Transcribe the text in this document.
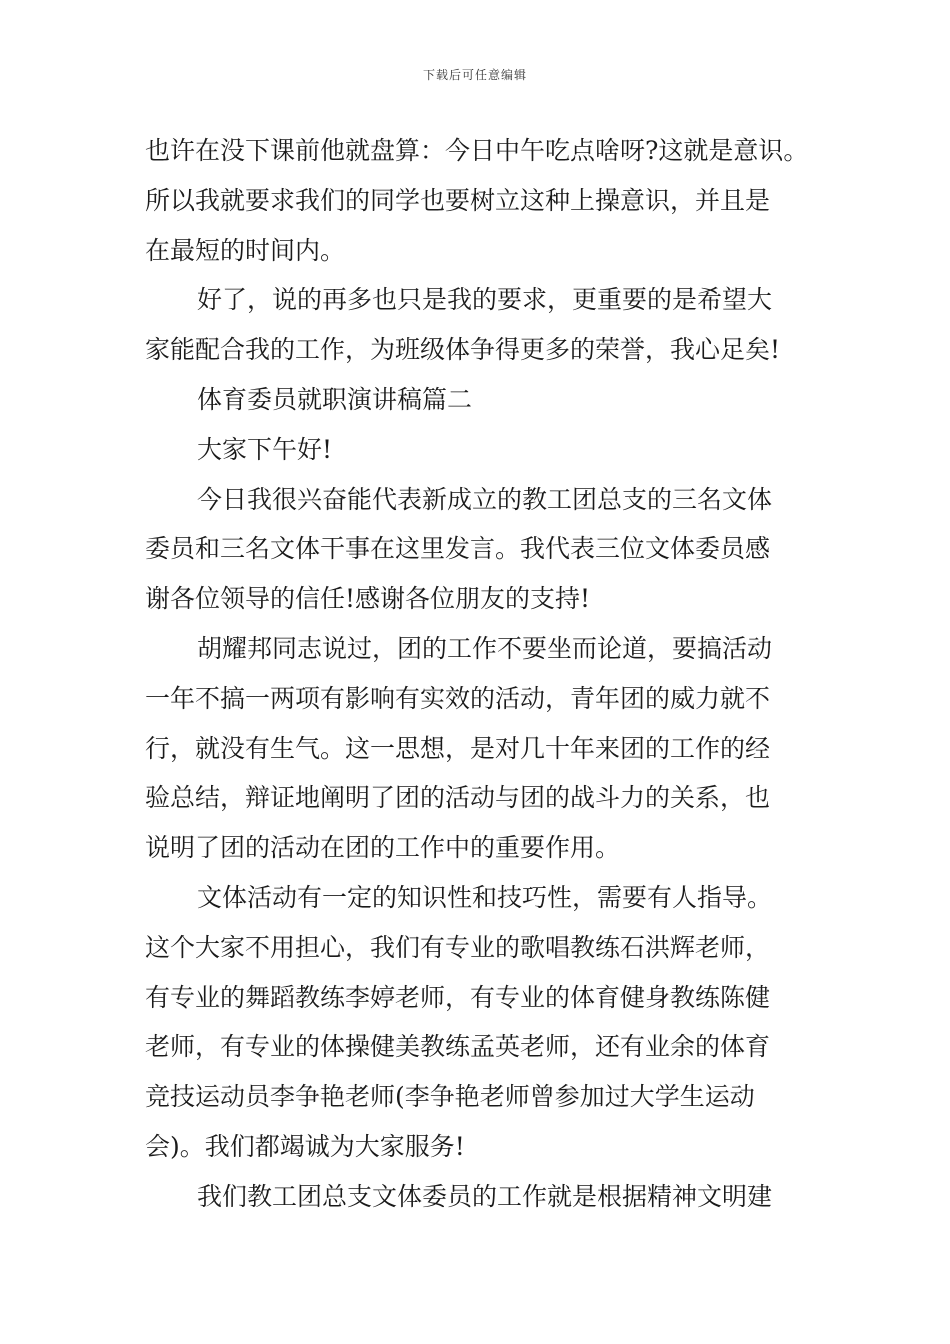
下载后可任意编辑
也许在没下课前他就盘算：今日中午吃点啥呀?这就是意识。
所以我就要求我们的同学也要树立这种上操意识，并且是
在最短的时间内。
好了，说的再多也只是我的要求，更重要的是希望大
家能配合我的工作，为班级体争得更多的荣誉，我心足矣!
体育委员就职演讲稿篇二
大家下午好!
今日我很兴奋能代表新成立的教工团总支的三名文体
委员和三名文体干事在这里发言。我代表三位文体委员感
谢各位领导的信任!感谢各位朋友的支持!
胡耀邦同志说过，团的工作不要坐而论道，要搞活动
一年不搞一两项有影响有实效的活动，青年团的威力就不
行，就没有生气。这一思想，是对几十年来团的工作的经
验总结，辩证地阐明了团的活动与团的战斗力的关系，也
说明了团的活动在团的工作中的重要作用。
文体活动有一定的知识性和技巧性，需要有人指导。
这个大家不用担心，我们有专业的歌唱教练石洪辉老师，
有专业的舞蹈教练李婷老师，有专业的体育健身教练陈健
老师，有专业的体操健美教练孟英老师，还有业余的体育
竞技运动员李争艳老师(李争艳老师曾参加过大学生运动
会)。我们都竭诚为大家服务!
我们教工团总支文体委员的工作就是根据精神文明建
